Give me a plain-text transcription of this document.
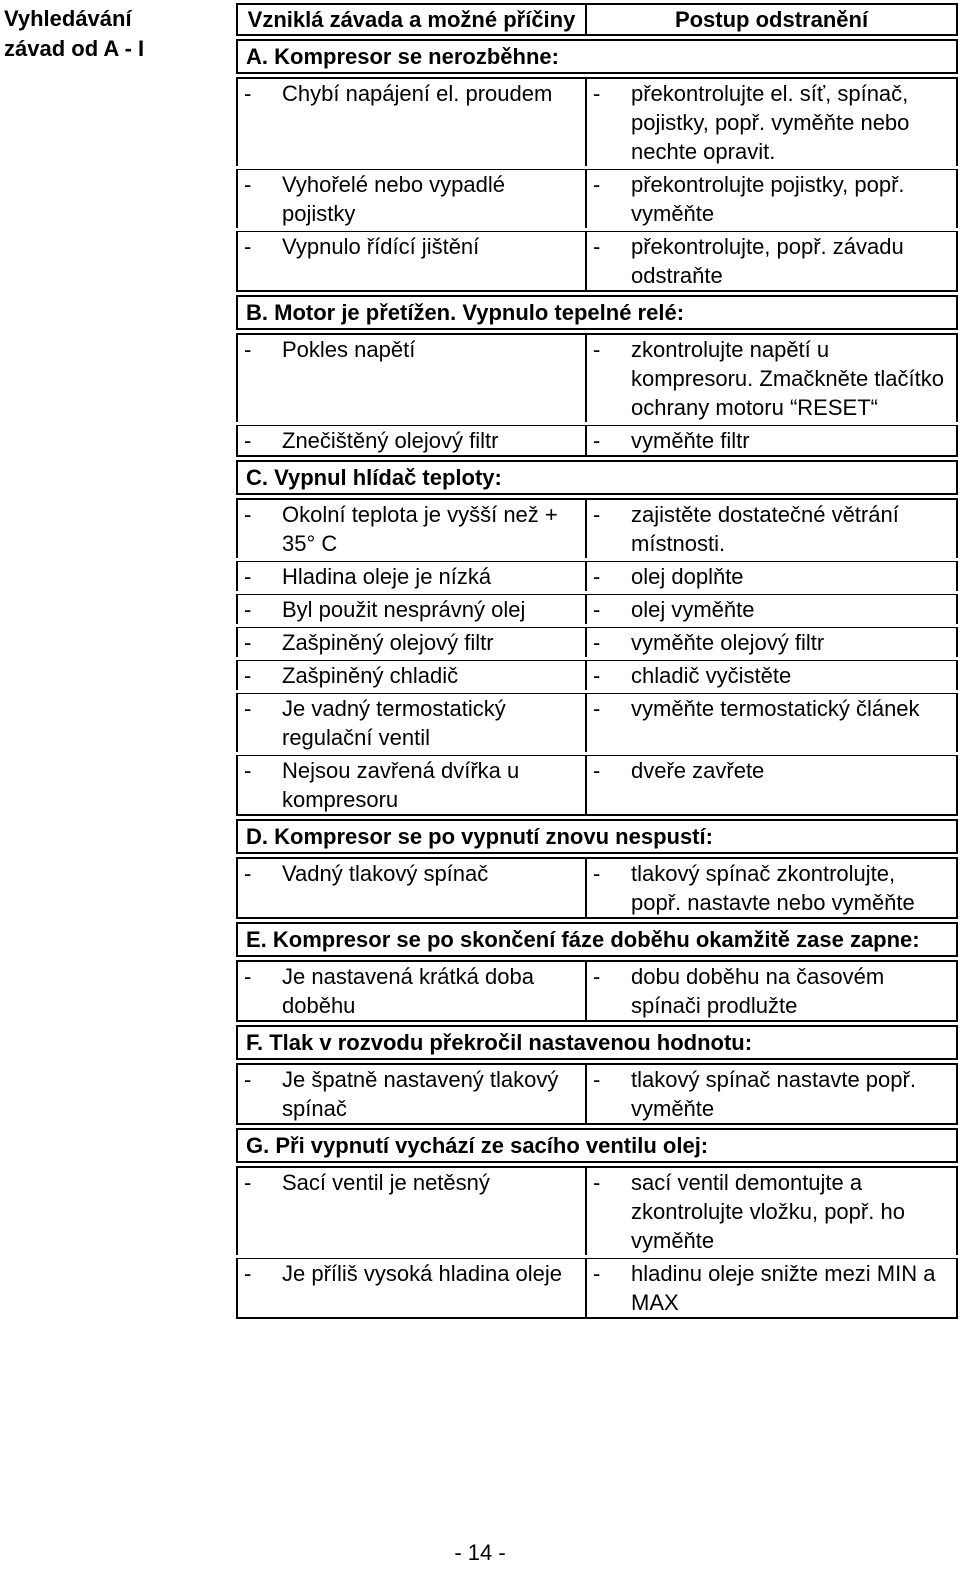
Vyhledávání
závad od A - I
Vzniklá závada a možné příčiny	Postup odstranění
A. Kompresor se nerozběhne:	

- Chybí napájení el. proudem	- překontrolujte el. síť, spínač, pojistky, popř. vyměňte nebo nechte opravit.

- Vyhořelé nebo vypadlé pojistky	- překontrolujte pojistky, popř. vyměňte

- Vypnulo řídící jištění	- překontrolujte, popř. závadu odstraňte

B. Motor je přetížen. Vypnulo tepelné relé:	

- Pokles napětí	- zkontrolujte napětí u kompresoru. Zmačkněte tlačítko ochrany motoru “RESET“

- Znečištěný olejový filtr	- vyměňte filtr

C. Vypnul hlídač teploty:	

- Okolní teplota je vyšší než + 35° C	- zajistěte dostatečné větrání místnosti.

- Hladina oleje je nízká	- olej doplňte

- Byl použit nesprávný olej	- olej vyměňte

- Zašpiněný olejový filtr	- vyměňte olejový filtr

- Zašpiněný chladič	- chladič vyčistěte

- Je vadný termostatický regulační ventil	- vyměňte termostatický článek

- Nejsou zavřená dvířka u kompresoru	- dveře zavřete

D. Kompresor se po vypnutí znovu nespustí:	

- Vadný tlakový spínač	- tlakový spínač zkontrolujte, popř. nastavte nebo vyměňte

E. Kompresor se po skončení fáze doběhu okamžitě zase zapne:	

- Je nastavená krátká doba doběhu	- dobu doběhu na časovém spínači prodlužte

F. Tlak v rozvodu překročil nastavenou hodnotu:	

- Je špatně nastavený tlakový spínač	- tlakový spínač nastavte popř. vyměňte

G. Při vypnutí vychází ze sacího ventilu olej:	

- Sací ventil je netěsný	- sací ventil demontujte a zkontrolujte vložku, popř. ho vyměňte

- Je příliš vysoká hladina oleje	- hladinu oleje snižte mezi MIN a MAX
- 14 -
